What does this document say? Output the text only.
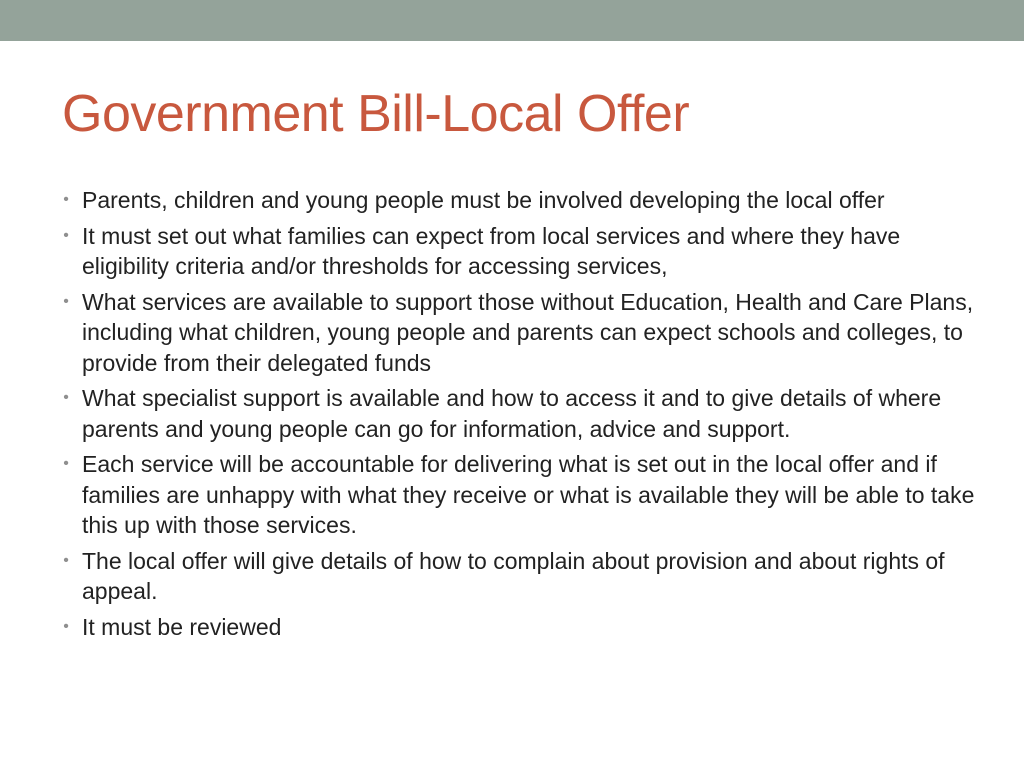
Government Bill-Local Offer
• Parents, children and young people must be involved developing the local offer
• It must set out what families can expect from local services and where they have eligibility criteria and/or thresholds for accessing services,
• What services are available to support those without Education, Health and Care Plans, including what children, young people and parents can expect schools and colleges, to provide from their delegated funds
• What specialist support is available and how to access it and to give details of where parents and young people can go for information, advice and support.
• Each service will be accountable for delivering what is set out in the local offer and if families are unhappy with what they receive or what is available they will be able to take this up with those services.
• The local offer will give details of how to complain about provision and about rights of appeal.
• It must be reviewed
